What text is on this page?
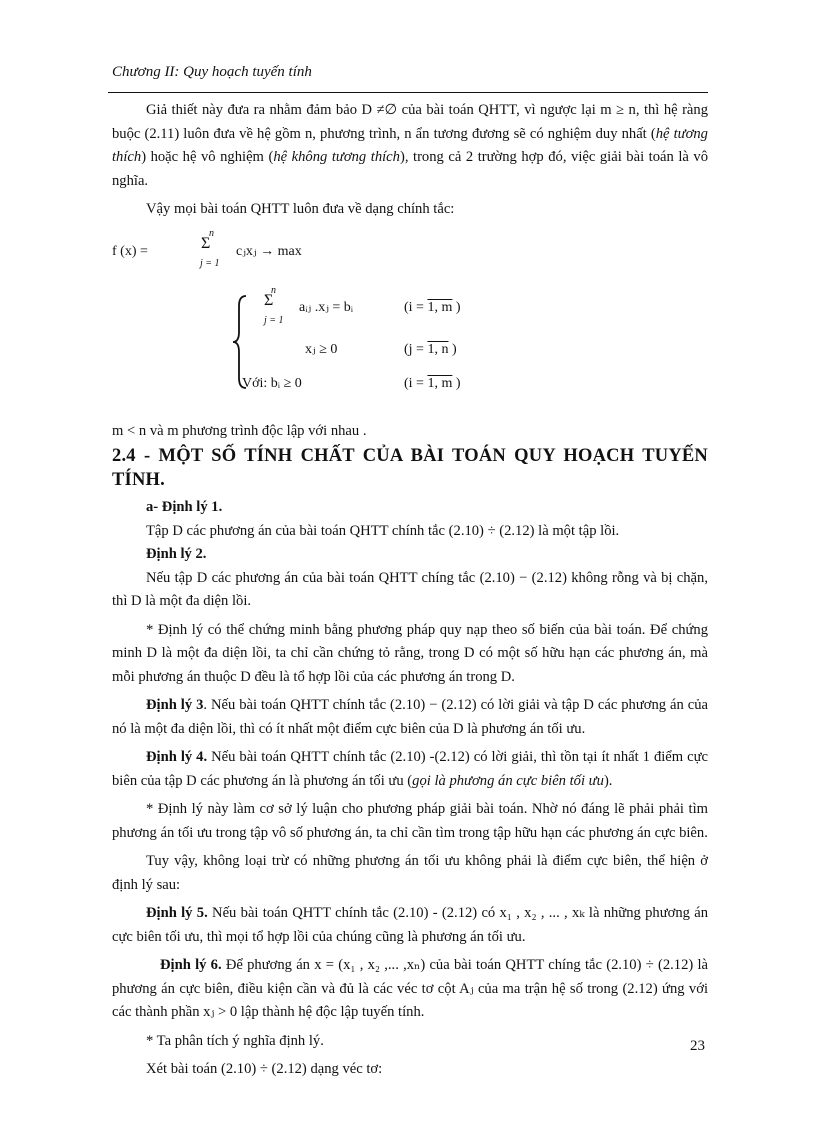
Chương II: Quy hoạch tuyến tính

Giả thiết này đưa ra nhằm đảm bảo D ≠∅ của bài toán QHTT, vì ngược lại m ≥ n, thì hệ ràng buộc (2.11) luôn đưa về hệ gồm n, phương trình, n ẩn tương đương sẽ có nghiệm duy nhất (hệ tương thích) hoặc hệ vô nghiệm (hệ không tương thích), trong cả 2 trường hợp đó, việc giải bài toán là vô nghĩa.

Vậy mọi bài toán QHTT luôn đưa về dạng chính tắc:

f (x) =
n
Σ
j = 1
cⱼxⱼ → max
n
Σ
j = 1
aᵢⱼ .xⱼ = bᵢ	(i = 1, m )
xⱼ ≥ 0	(j = 1, n )
Với: bᵢ ≥ 0	(i = 1, m )

m < n và m phương trình độc lập với nhau .

2.4 - MỘT SỐ TÍNH CHẤT CỦA BÀI TOÁN QUY HOẠCH TUYẾN TÍNH.

a- Định lý 1.

Tập D các phương án của bài toán QHTT chính tắc (2.10) ÷ (2.12) là một tập lồi.

Định lý 2.

Nếu tập D các phương án của bài toán QHTT chíng tắc (2.10) − (2.12) không rỗng và bị chặn, thì D là một đa diện lồi.

* Định lý có thể chứng minh bằng phương pháp quy nạp theo số biến của bài toán. Để chứng minh D là một đa diện lồi, ta chỉ cần chứng tỏ rằng, trong D có một số hữu hạn các phương án, mà mỗi phương án thuộc D đều là tổ hợp lồi của các phương án trong D.

Định lý 3. Nếu bài toán QHTT chính tắc (2.10) − (2.12) có lời giải và tập D các phương án của nó là một đa diện lồi, thì có ít nhất một điểm cực biên của D là phương án tối ưu.

Định lý 4. Nếu bài toán QHTT chính tắc (2.10) -(2.12) có lời giải, thì tồn tại ít nhất 1 điểm cực biên của tập D các phương án là phương án tối ưu (gọi là phương án cực biên tối ưu).

* Định lý này làm cơ sở lý luận cho phương pháp giải bài toán. Nhờ nó đáng lẽ phải phải tìm phương án tối ưu trong tập vô số phương án, ta chỉ cần tìm trong tập hữu hạn các phương án cực biên.

Tuy vậy, không loại trừ có những phương án tối ưu không phải là điểm cực biên, thể hiện ở định lý sau:

Định lý 5. Nếu bài toán QHTT chính tắc (2.10) - (2.12) có x₁ , x₂ , ... , xₖ là những phương án cực biên tối ưu, thì mọi tổ hợp lồi của chúng cũng là phương án tối ưu.

Định lý 6. Để phương án x = (x₁ , x₂ ,... ,xₙ) của bài toán QHTT chíng tắc (2.10) ÷ (2.12) là phương án cực biên, điều kiện cần và đủ là các véc tơ cột Aⱼ của ma trận hệ số trong (2.12) ứng với các thành phần xⱼ > 0 lập thành hệ độc lập tuyến tính.

* Ta phân tích ý nghĩa định lý.

Xét bài toán (2.10) ÷ (2.12) dạng véc tơ:

23
